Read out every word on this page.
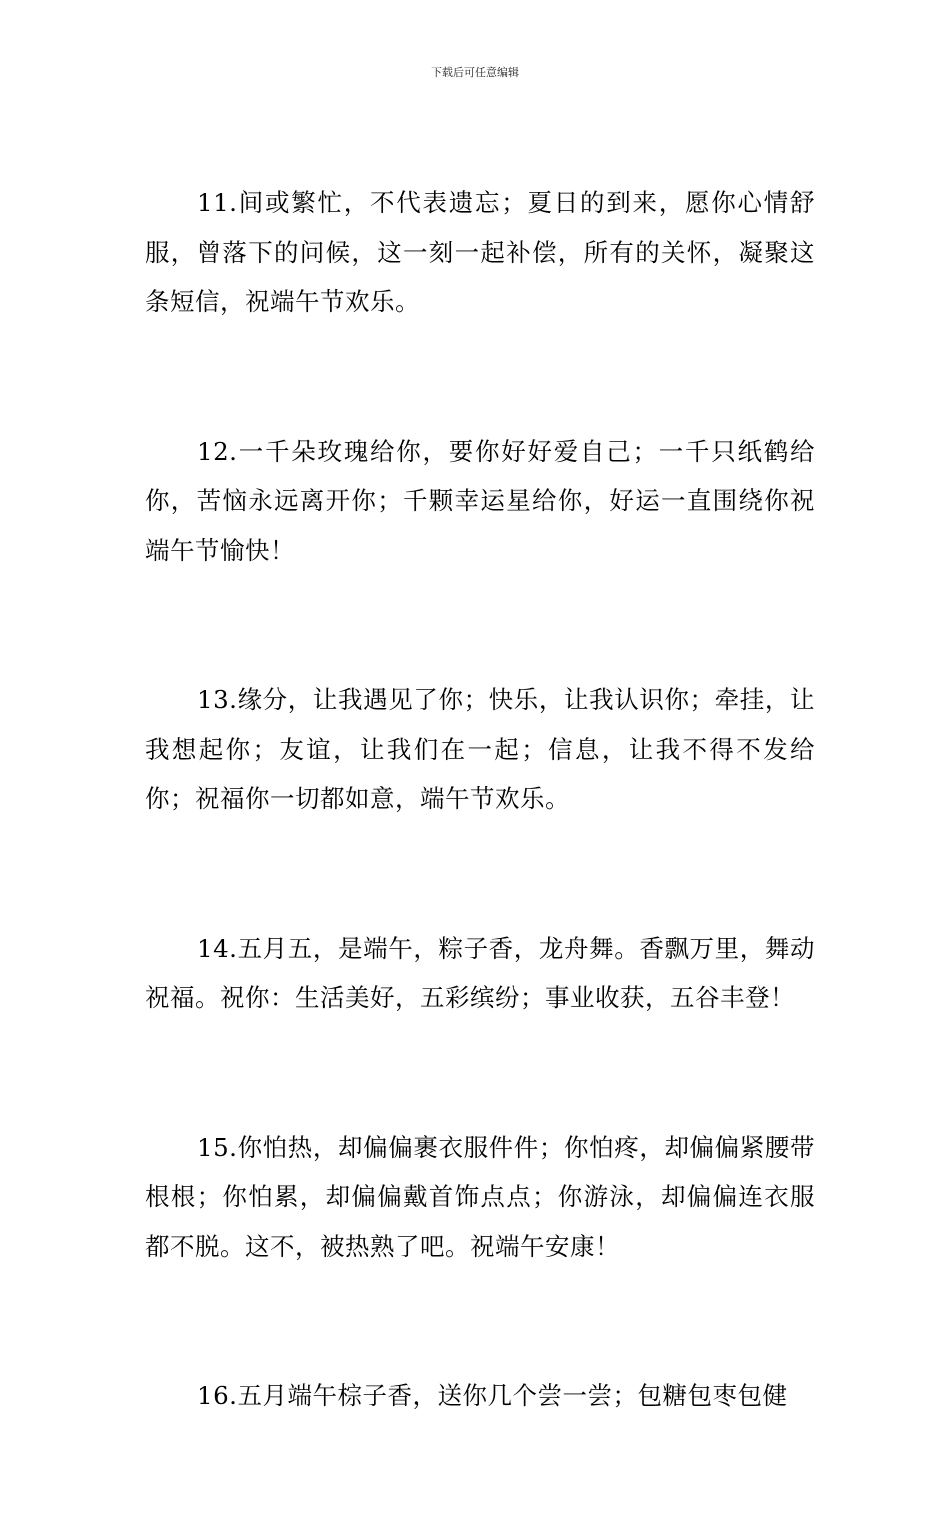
下载后可任意编辑

11.间或繁忙，不代表遗忘；夏日的到来，愿你心情舒服，曾落下的问候，这一刻一起补偿，所有的关怀，凝聚这条短信，祝端午节欢乐。

12.一千朵玫瑰给你，要你好好爱自己；一千只纸鹤给你，苦恼永远离开你；千颗幸运星给你，好运一直围绕你祝端午节愉快！

13.缘分，让我遇见了你；快乐，让我认识你；牵挂，让我想起你；友谊，让我们在一起；信息，让我不得不发给你；祝福你一切都如意，端午节欢乐。

14.五月五，是端午，粽子香，龙舟舞。香飘万里，舞动祝福。祝你：生活美好，五彩缤纷；事业收获，五谷丰登！

15.你怕热，却偏偏裹衣服件件；你怕疼，却偏偏紧腰带根根；你怕累，却偏偏戴首饰点点；你游泳，却偏偏连衣服都不脱。这不，被热熟了吧。祝端午安康！

16.五月端午棕子香，送你几个尝一尝；包糖包枣包健
